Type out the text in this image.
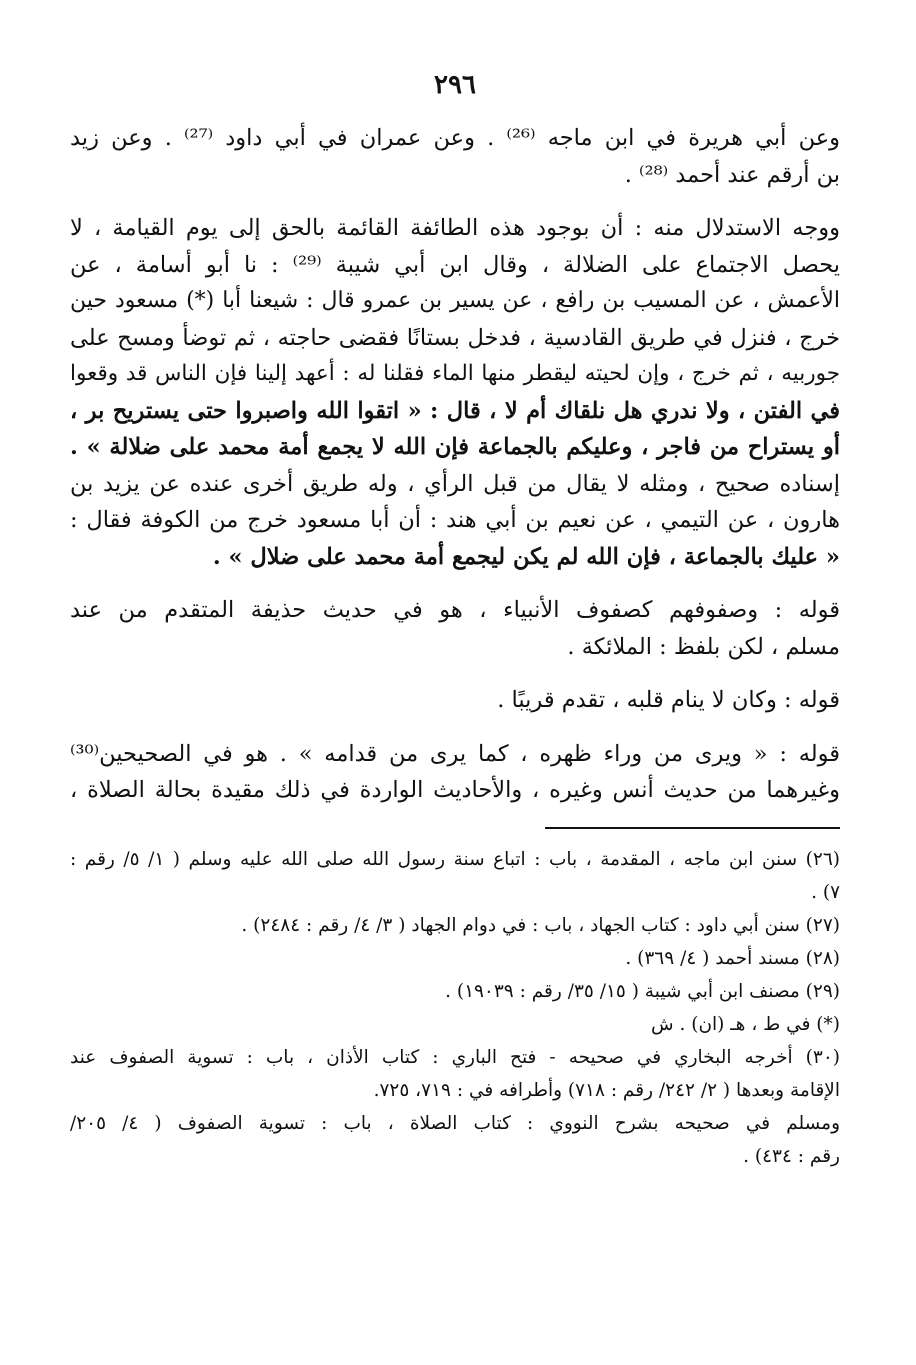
٢٩٦
وعن أبي هريرة في ابن ماجه ⁽²⁶⁾ . وعن عمران في أبي داود ⁽²⁷⁾ . وعن زيد
بن أرقم عند أحمد ⁽²⁸⁾ .
ووجه الاستدلال منه : أن بوجود هذه الطائفة القائمة بالحق إلى يوم القيامة ، لا
يحصل الاجتماع على الضلالة ، وقال ابن أبي شيبة ⁽²⁹⁾ : نا أبو أسامة ، عن
الأعمش ، عن المسيب بن رافع ، عن يسير بن عمرو قال : شيعنا أبا (*) مسعود حين
خرج ، فنزل في طريق القادسية ، فدخل بستانًا فقضى حاجته ، ثم توضأ ومسح على
جوربيه ، ثم خرج ، وإن لحيته ليقطر منها الماء فقلنا له : أعهد إلينا فإن الناس قد وقعوا
في الفتن ، ولا ندري هل نلقاك أم لا ، قال : « اتقوا الله واصبروا حتى يستريح بر ،
أو يستراح من فاجر ، وعليكم بالجماعة فإن الله لا يجمع أمة محمد على ضلالة » .
إسناده صحيح ، ومثله لا يقال من قبل الرأي ، وله طريق أخرى عنده عن يزيد بن
هارون ، عن التيمي ، عن نعيم بن أبي هند : أن أبا مسعود خرج من الكوفة فقال :
« عليك بالجماعة ، فإن الله لم يكن ليجمع أمة محمد على ضلال » .
قوله : وصفوفهم كصفوف الأنبياء ، هو في حديث حذيفة المتقدم من عند
مسلم ، لكن بلفظ : الملائكة .
قوله : وكان لا ينام قلبه ، تقدم قريبًا .
قوله : « ويرى من وراء ظهره ، كما يرى من قدامه » . هو في الصحيحين⁽³⁰⁾
وغيرهما من حديث أنس وغيره ، والأحاديث الواردة في ذلك مقيدة بحالة الصلاة ،
(٢٦) سنن ابن ماجه ، المقدمة ، باب : اتباع سنة رسول الله صلى الله عليه وسلم ( ١/ ٥/ رقم :
٧) .
(٢٧) سنن أبي داود : كتاب الجهاد ، باب : في دوام الجهاد ( ٣/ ٤/ رقم : ٢٤٨٤) .
(٢٨) مسند أحمد ( ٤/ ٣٦٩) .
(٢٩) مصنف ابن أبي شيبة ( ١٥/ ٣٥/ رقم : ١٩٠٣٩) .
(*) في ط ، هـ (ان) . ش
(٣٠) أخرجه البخاري في صحيحه - فتح الباري : كتاب الأذان ، باب : تسوية الصفوف عند
الإقامة وبعدها ( ٢/ ٢٤٢/ رقم : ٧١٨) وأطرافه في : ٧١٩، ٧٢٥.
ومسلم في صحيحه بشرح النووي : كتاب الصلاة ، باب : تسوية الصفوف ( ٤/ ٢٠٥/
رقم : ٤٣٤) .
